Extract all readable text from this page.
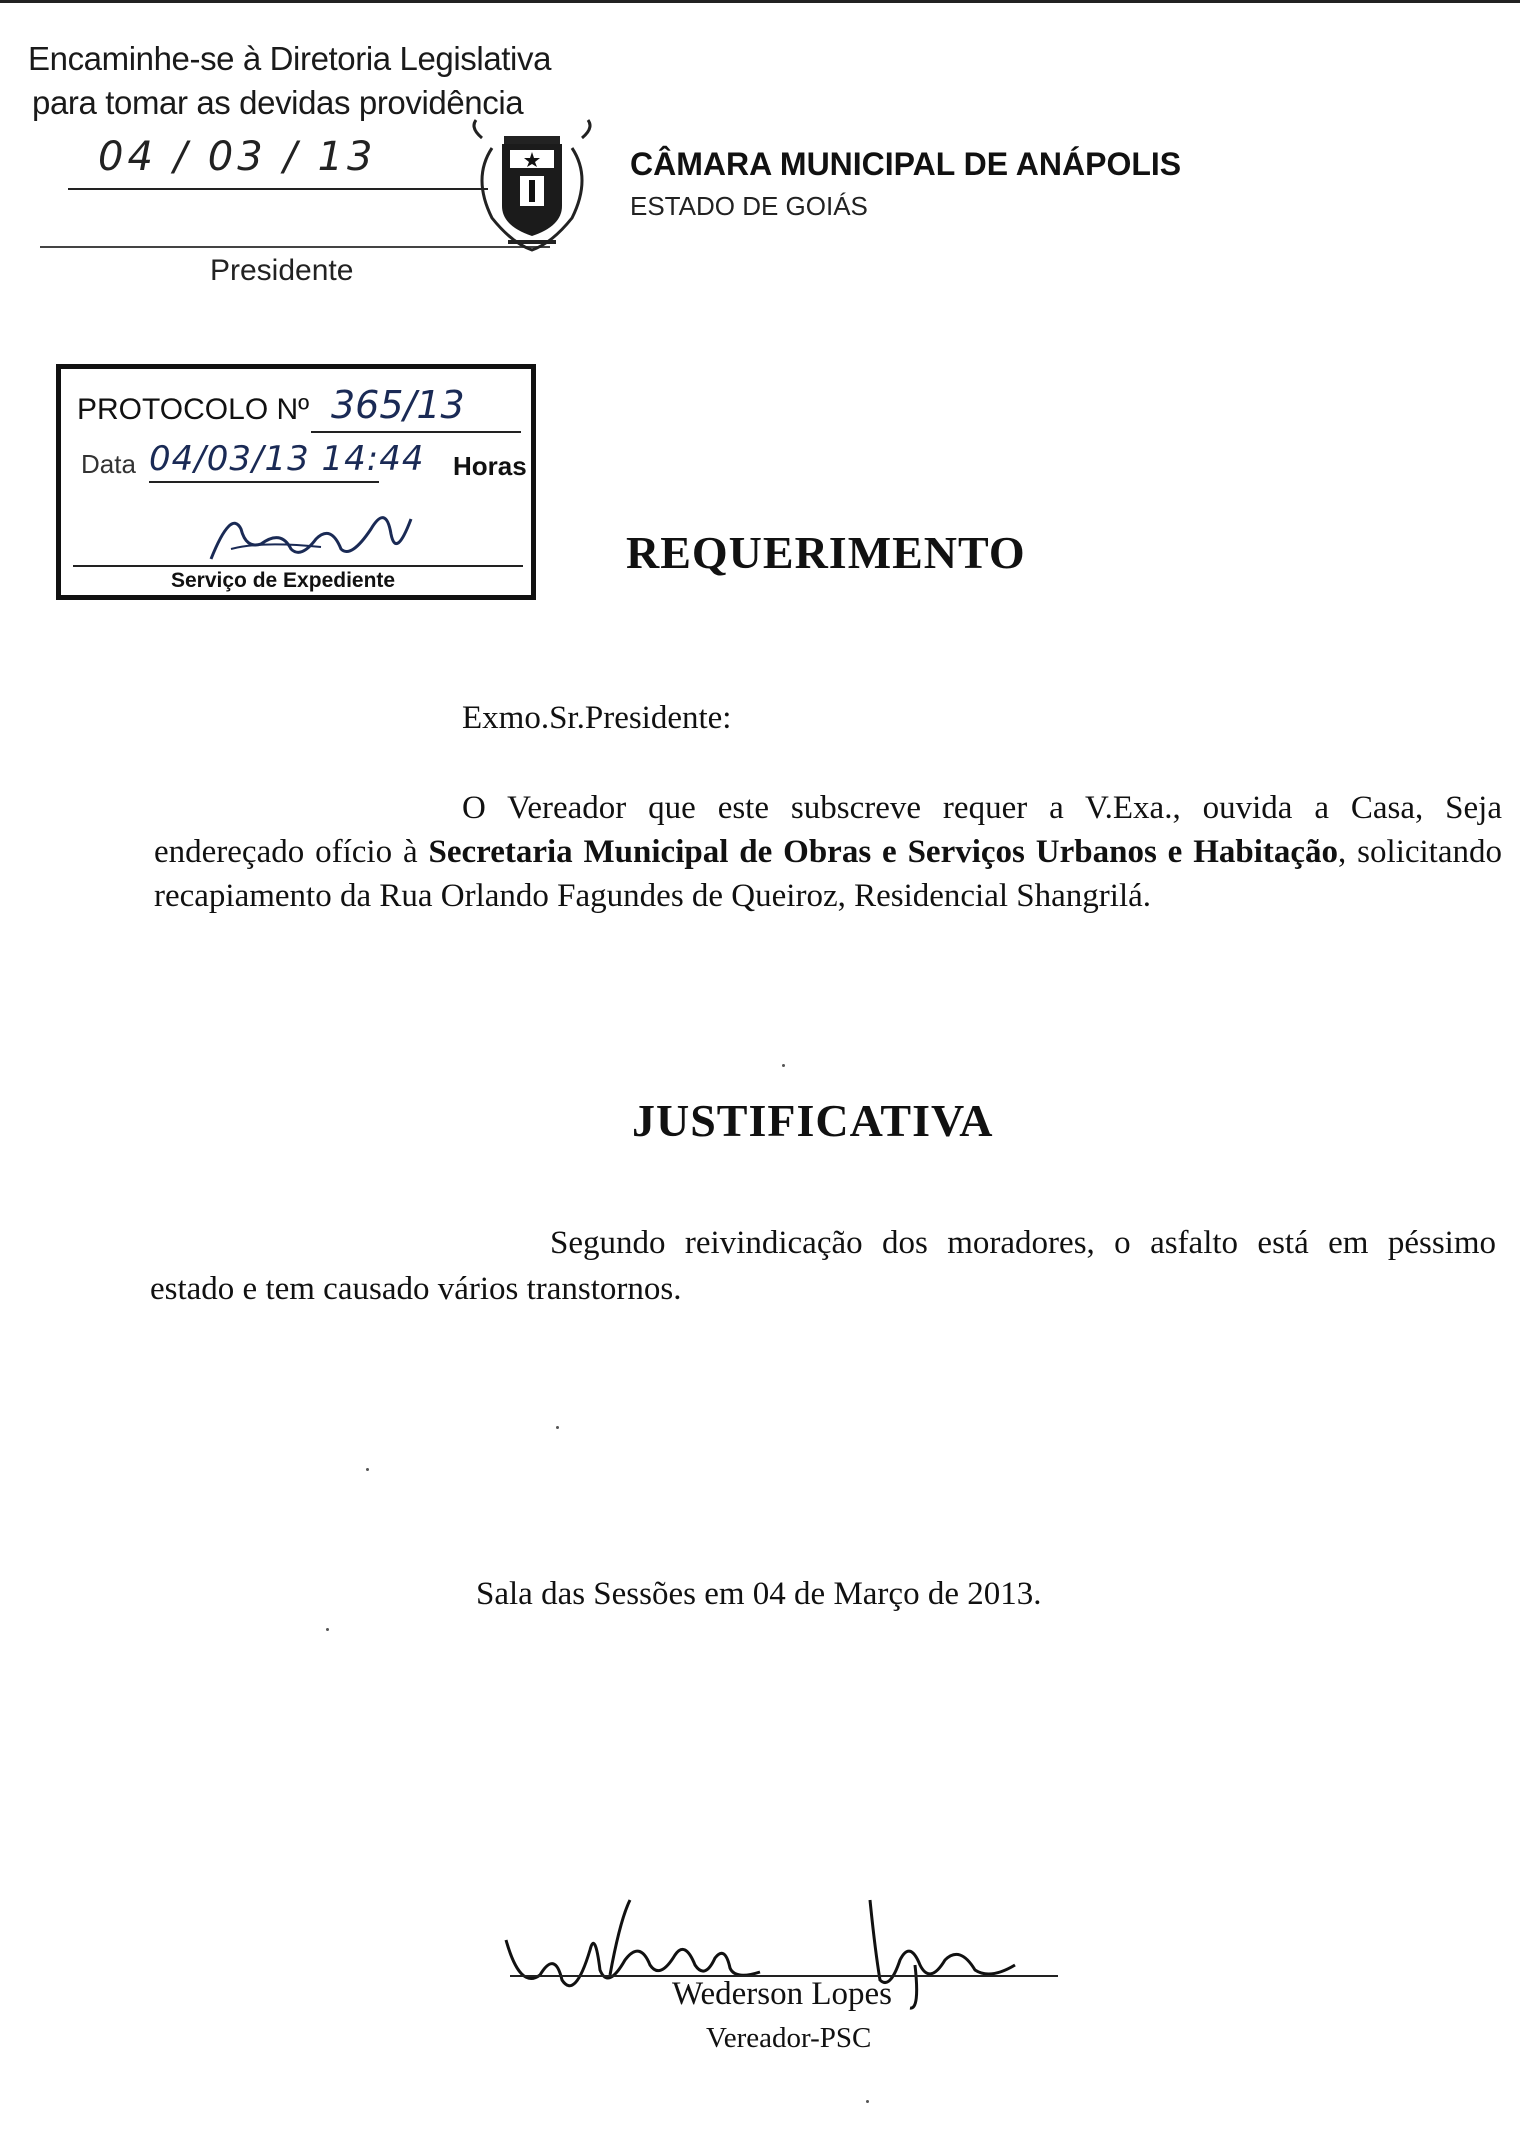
Encaminhe-se à Diretoria Legislativa
para tomar as devidas providência
04 / 03 / 13
Presidente
CÂMARA MUNICIPAL DE ANÁPOLIS
ESTADO DE GOIÁS
PROTOCOLO Nº 365/13
Data 04/03/13 14:44 Horas
Serviço de Expediente
REQUERIMENTO
Exmo.Sr.Presidente:
O Vereador que este subscreve requer a V.Exa., ouvida a Casa, Seja endereçado ofício à Secretaria Municipal de Obras e Serviços Urbanos e Habitação, solicitando recapiamento da Rua Orlando Fagundes de Queiroz, Residencial Shangrilá.
JUSTIFICATIVA
Segundo reivindicação dos moradores, o asfalto está em péssimo estado e tem causado vários transtornos.
Sala das Sessões em 04 de Março de 2013.
Wederson Lopes
Vereador-PSC
